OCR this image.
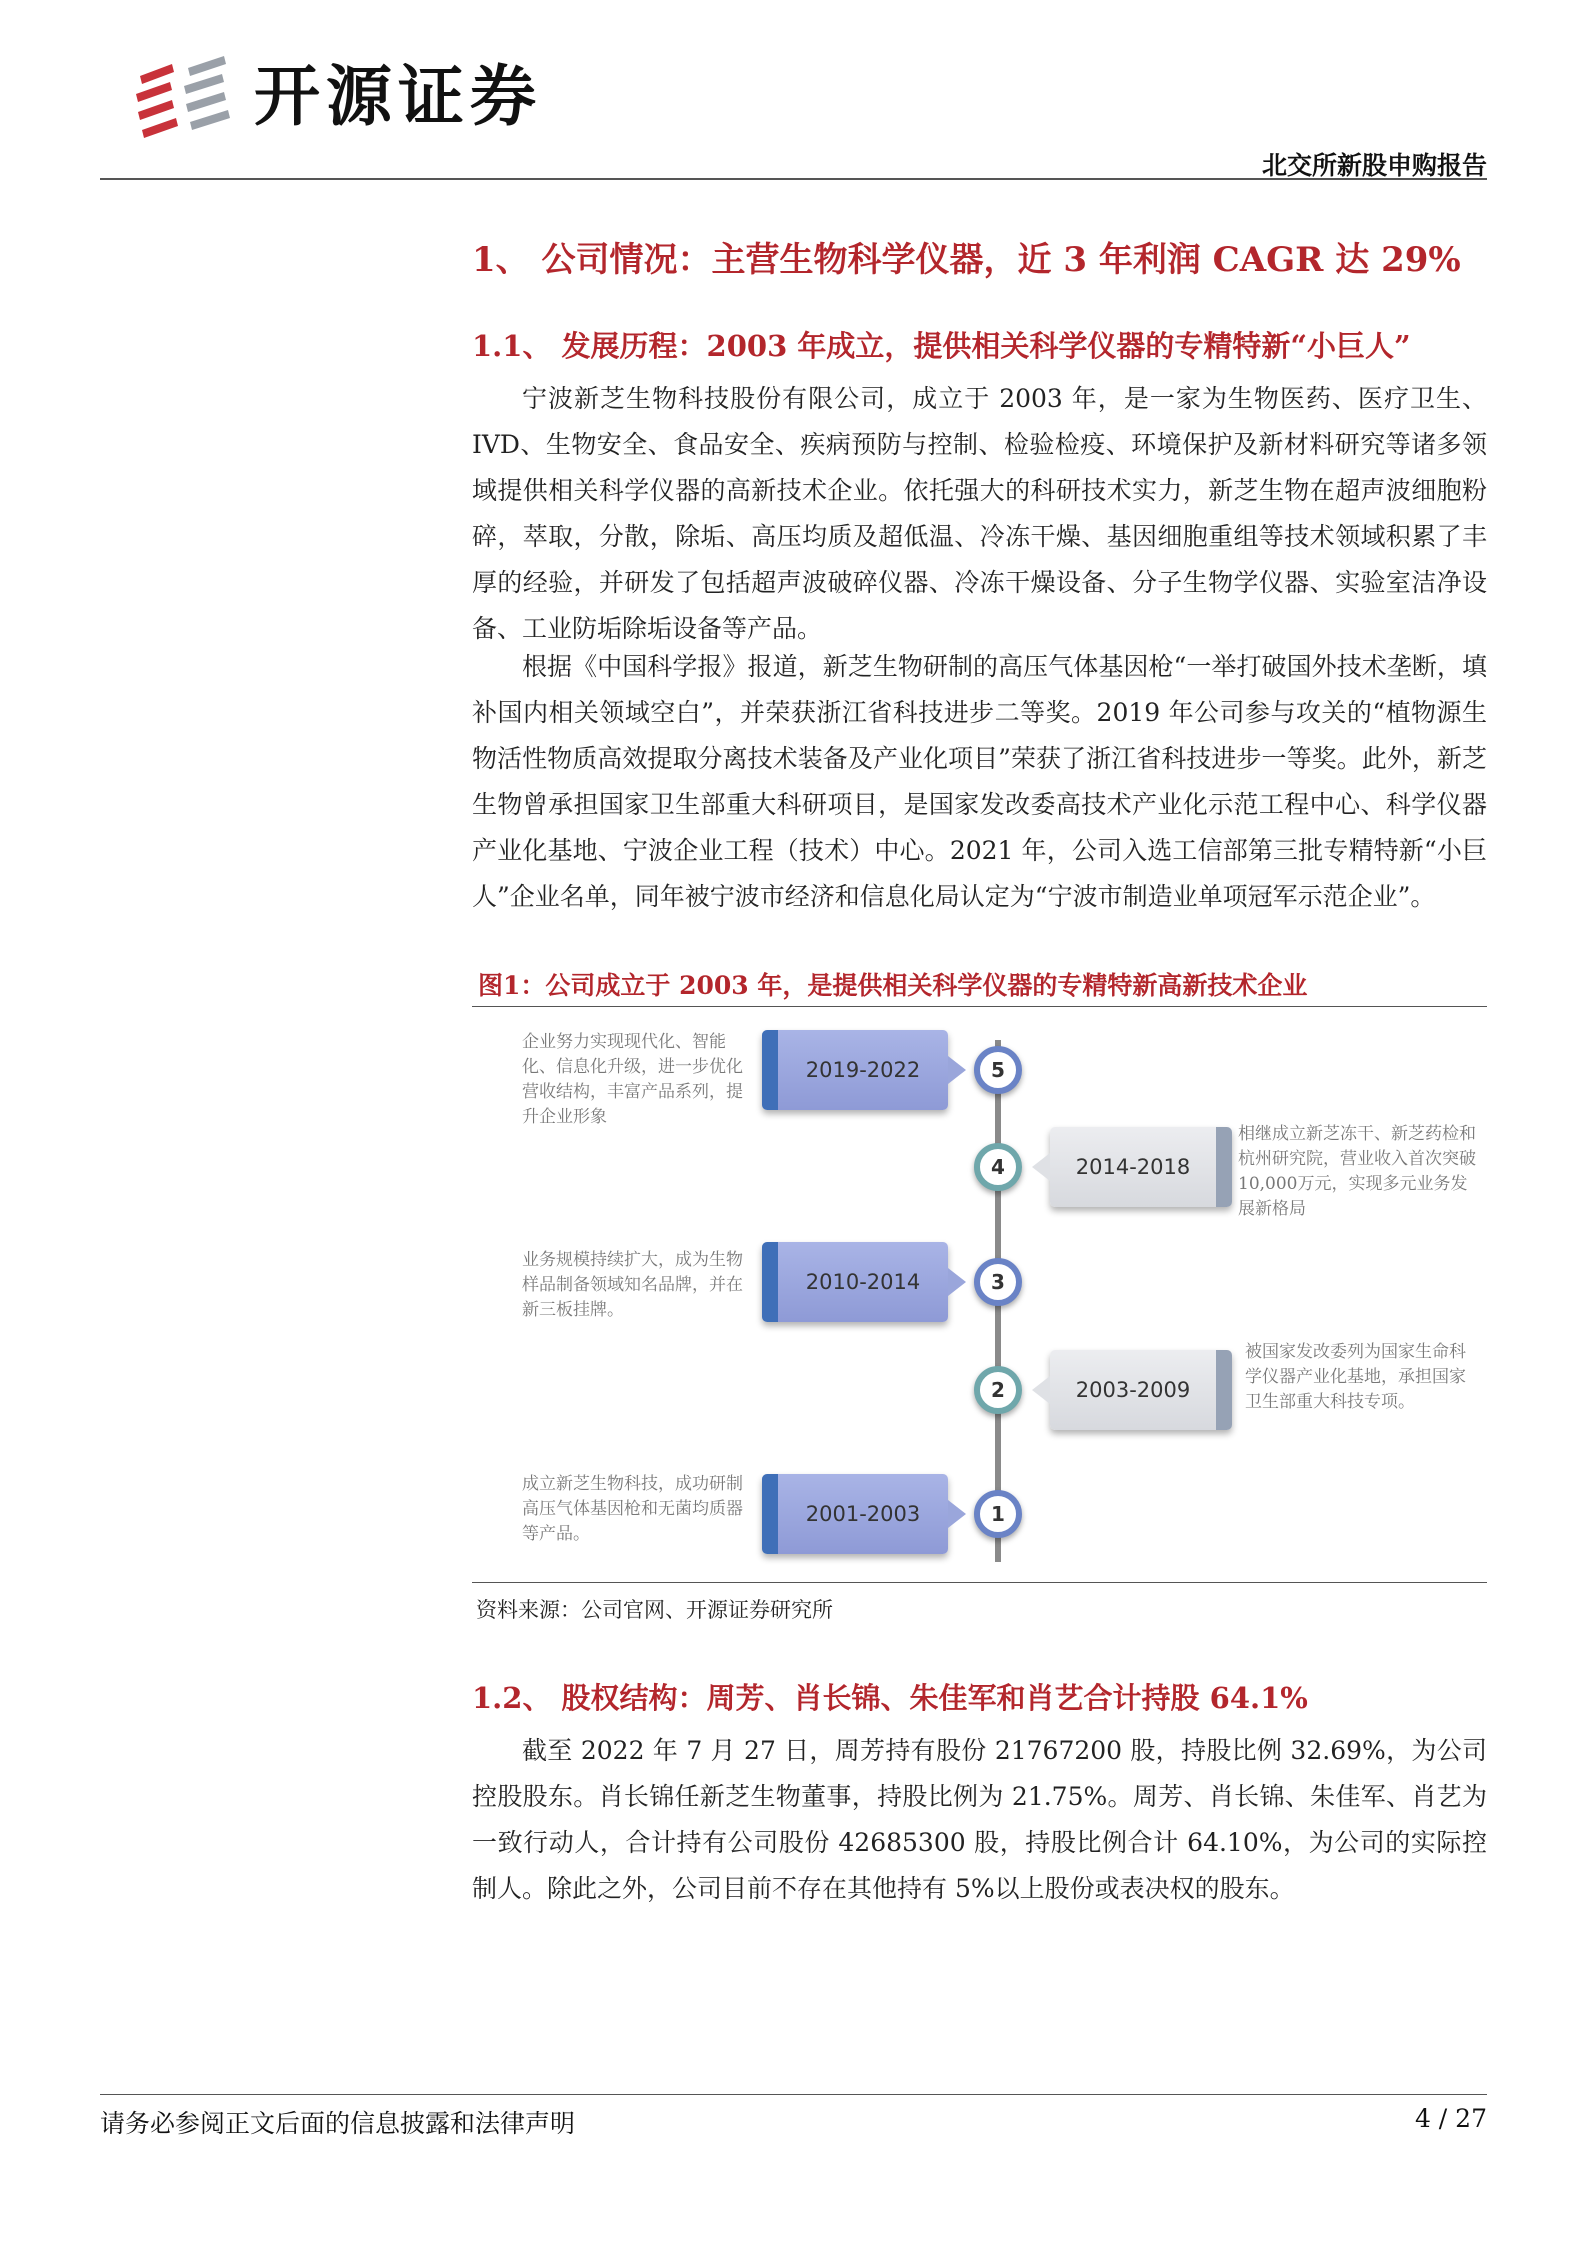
开源证券
北交所新股申购报告
1、 公司情况：主营生物科学仪器，近 3 年利润 CAGR 达 29%
1.1、 发展历程：2003 年成立，提供相关科学仪器的专精特新“小巨人”

宁波新芝生物科技股份有限公司，成立于 2003 年，是一家为生物医药、医疗卫生、IVD、生物安全、食品安全、疾病预防与控制、检验检疫、环境保护及新材料研究等诸多领域提供相关科学仪器的高新技术企业。依托强大的科研技术实力，新芝生物在超声波细胞粉碎，萃取，分散，除垢、高压均质及超低温、冷冻干燥、基因细胞重组等技术领域积累了丰厚的经验，并研发了包括超声波破碎仪器、冷冻干燥设备、分子生物学仪器、实验室洁净设备、工业防垢除垢设备等产品。

根据《中国科学报》报道，新芝生物研制的高压气体基因枪“一举打破国外技术垄断，填补国内相关领域空白”，并荣获浙江省科技进步二等奖。2019 年公司参与攻关的“植物源生物活性物质高效提取分离技术装备及产业化项目”荣获了浙江省科技进步一等奖。此外，新芝生物曾承担国家卫生部重大科研项目，是国家发改委高技术产业化示范工程中心、科学仪器产业化基地、宁波企业工程（技术）中心。2021 年，公司入选工信部第三批专精特新“小巨人”企业名单，同年被宁波市经济和信息化局认定为“宁波市制造业单项冠军示范企业”。

图1：公司成立于 2003 年，是提供相关科学仪器的专精特新高新技术企业
企业努力实现现代化、智能化、信息化升级，进一步优化营收结构，丰富产品系列，提升企业形象
2019-2022	5
4	2014-2018
相继成立新芝冻干、新芝药检和杭州研究院，营业收入首次突破10,000万元，实现多元业务发展新格局
业务规模持续扩大，成为生物样品制备领域知名品牌，并在新三板挂牌。
2010-2014	3
2	2003-2009
被国家发改委列为国家生命科学仪器产业化基地，承担国家卫生部重大科技专项。
成立新芝生物科技，成功研制高压气体基因枪和无菌均质器等产品。
2001-2003	1
资料来源：公司官网、开源证券研究所
1.2、 股权结构：周芳、肖长锦、朱佳军和肖艺合计持股 64.1%

截至 2022 年 7 月 27 日，周芳持有股份 21767200 股，持股比例 32.69%，为公司控股股东。肖长锦任新芝生物董事，持股比例为 21.75%。周芳、肖长锦、朱佳军、肖艺为一致行动人，合计持有公司股份 42685300 股，持股比例合计 64.10%，为公司的实际控制人。除此之外，公司目前不存在其他持有 5%以上股份或表决权的股东。

请务必参阅正文后面的信息披露和法律声明	4 / 27
